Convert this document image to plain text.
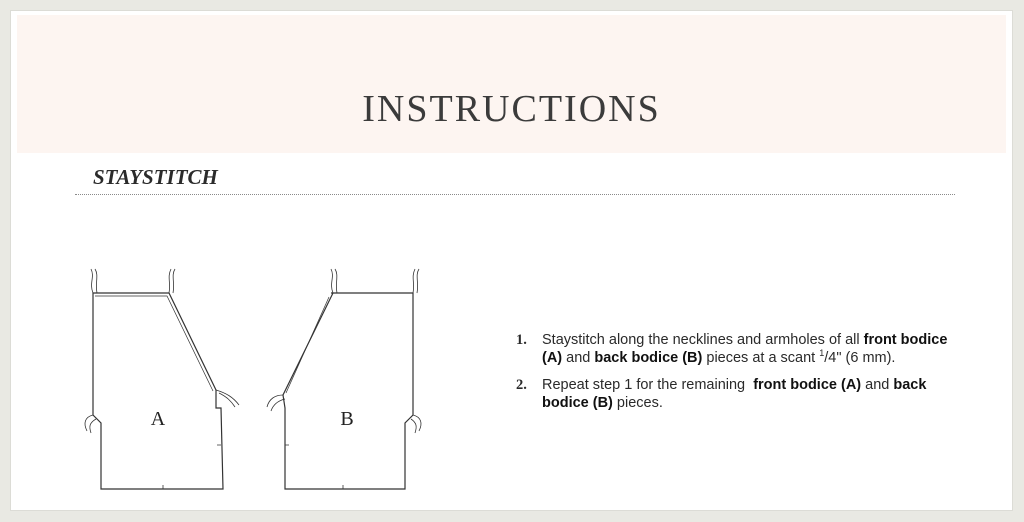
INSTRUCTIONS
STAYSTITCH
A	B
1. Staystitch along the necklines and armholes of all front bodice
(A) and back bodice (B) pieces at a scant $^1$/4" (6 mm).
2. Repeat step 1 for the remaining  front bodice (A) and back
bodice (B) pieces.
